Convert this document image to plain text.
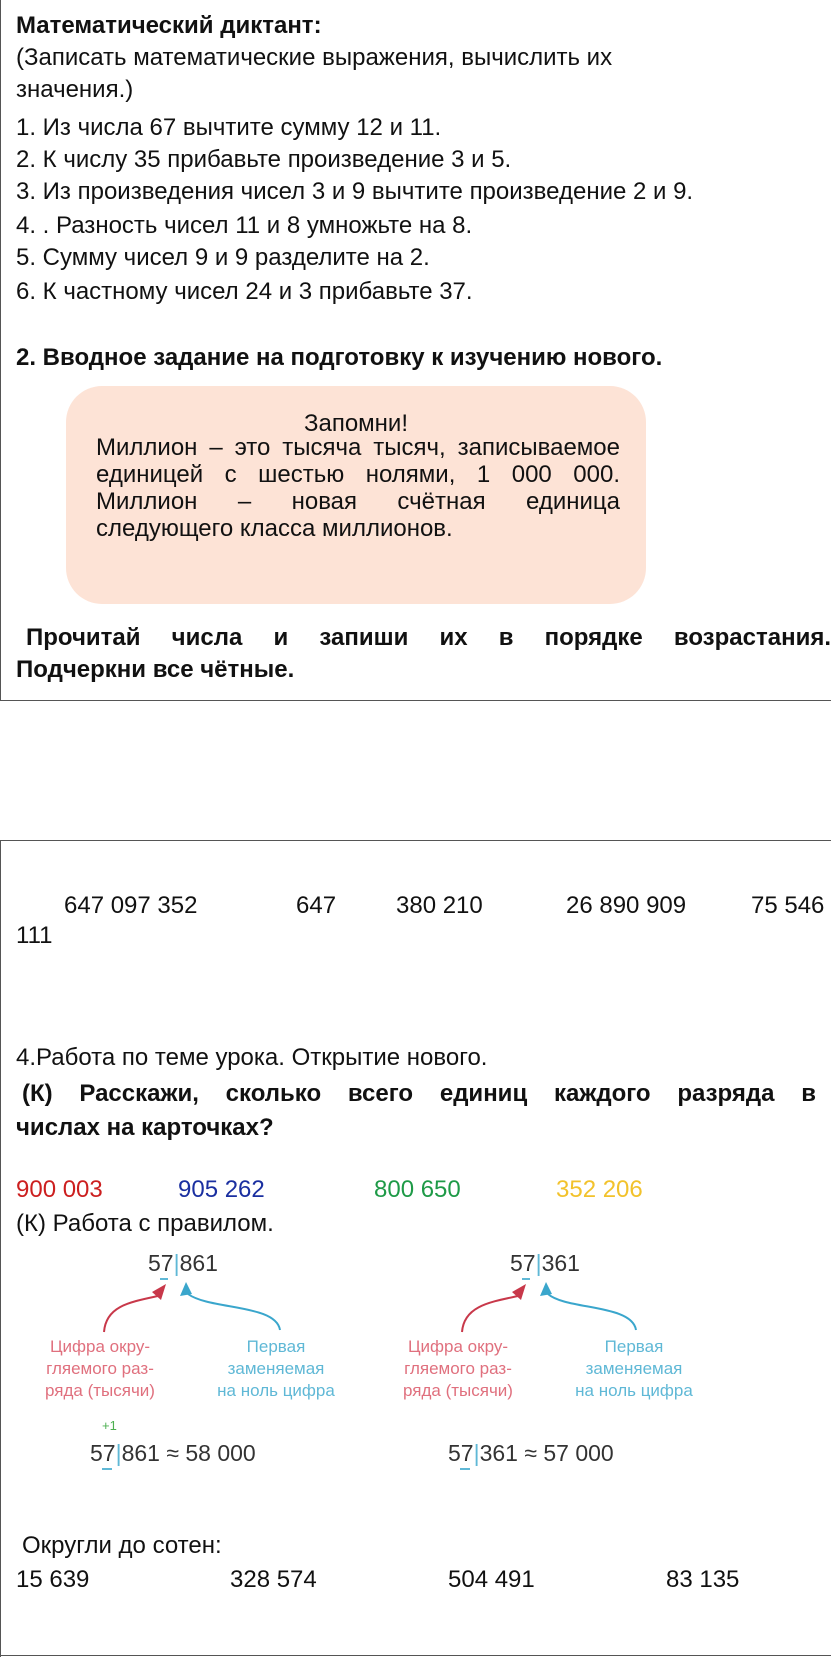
Математический диктант:
(Записать математические выражения, вычислить их
значения.)
1. Из числа 67 вычтите сумму 12 и 11.
2. К числу 35 прибавьте произведение 3 и 5.
3. Из произведения чисел 3 и 9 вычтите произведение 2 и 9.
4. . Разность чисел 11 и 8 умножьте на 8.
5. Сумму чисел 9 и 9 разделите на 2.
6. К частному чисел 24 и 3 прибавьте 37.
2. Вводное задание на подготовку к изучению нового.
Запомни!
Миллион – это тысяча тысяч, записываемое единицей с шестью нолями, 1 000 000. Миллион – новая счётная единица следующего класса миллионов.
Прочитай числа и запиши их в порядке возрастания.
Подчеркни все чётные.
647 097 352	647 380 210	26 890 909	75 546
111
4.Работа по теме урока. Открытие нового.
(К) Расскажи, сколько всего единиц каждого разряда в
числах на карточках?
900 003	905 262	800 650	352 206
(К) Работа с правилом.
57|861	57|361
Цифра окру-
гляемого раз-
ряда (тысячи)
Первая
заменяемая
на ноль цифра
Цифра окру-
гляемого раз-
ряда (тысячи)
Первая
заменяемая
на ноль цифра
+1
57|861 ≈ 58 000	57|361 ≈ 57 000
Округли до сотен:
15 639	328 574	504 491	83 135
